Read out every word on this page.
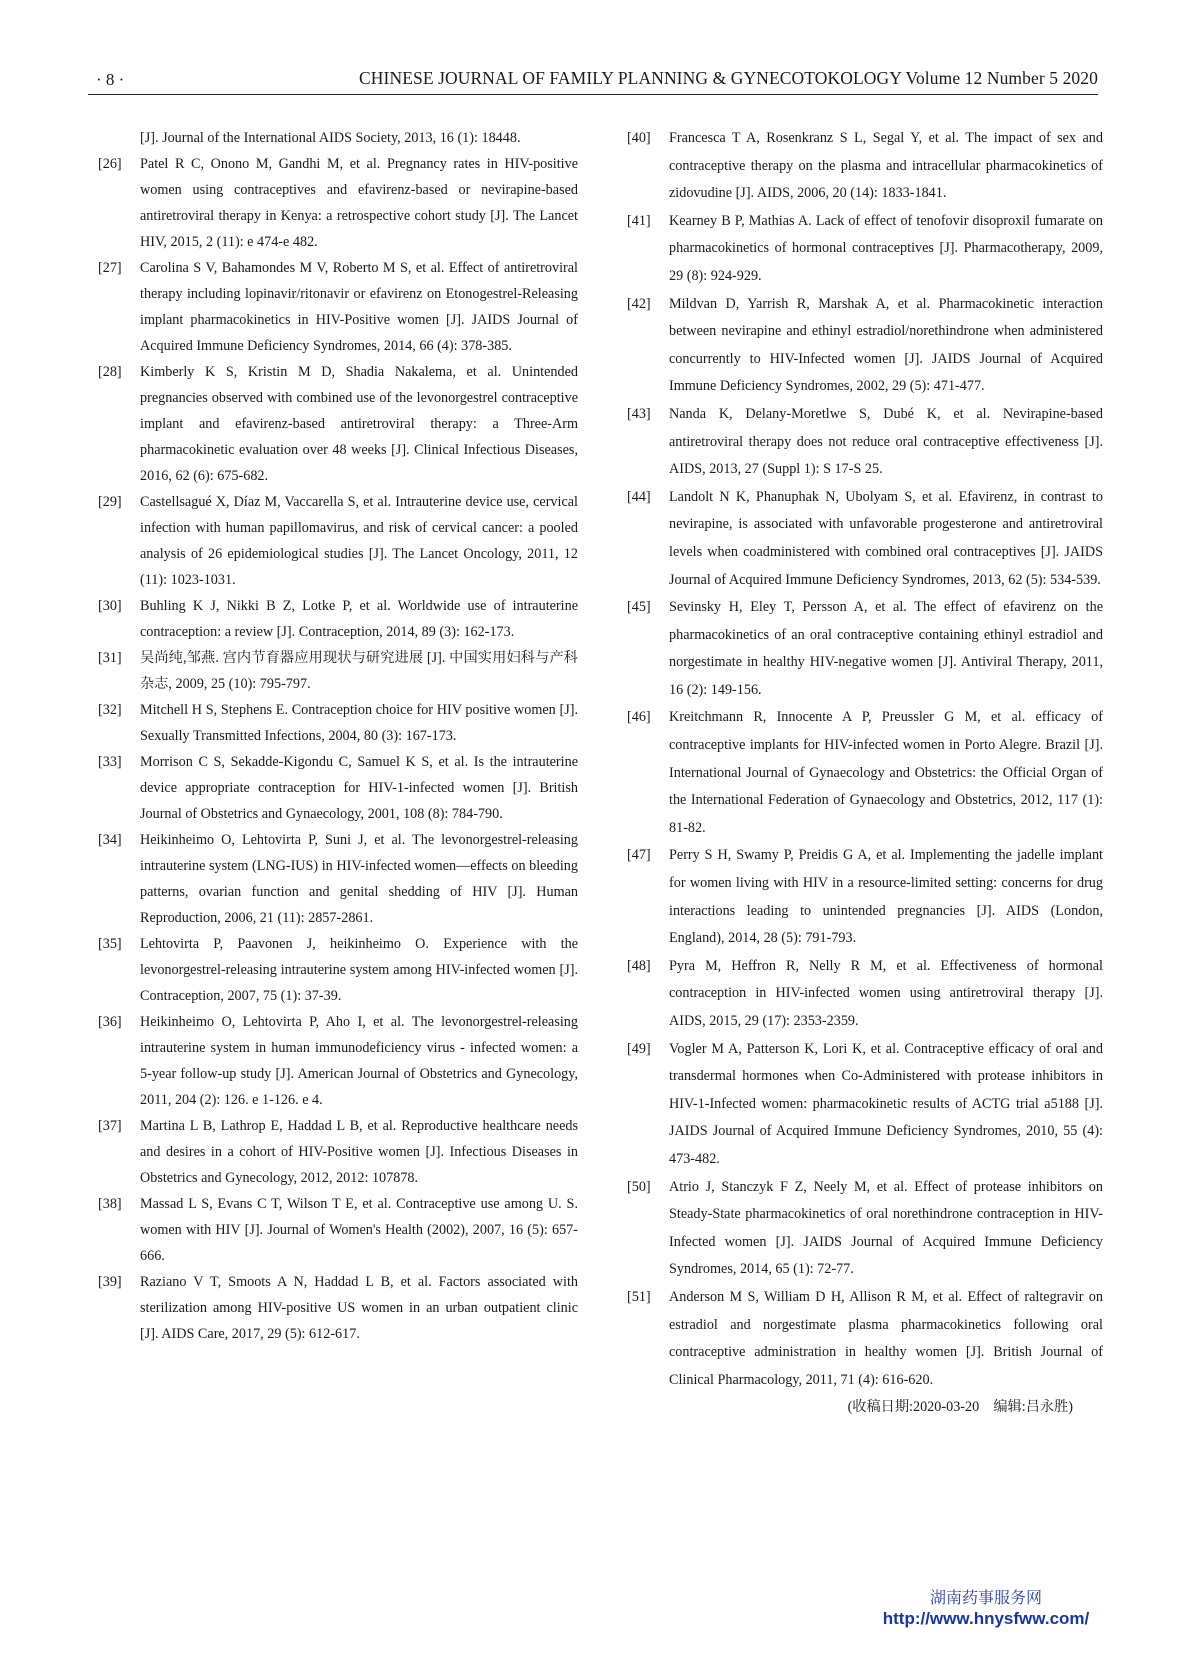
· 8 ·	CHINESE JOURNAL OF FAMILY PLANNING & GYNECOTOKOLOGY Volume 12 Number 5 2020
[J]. Journal of the International AIDS Society, 2013, 16 (1): 18448.
[26] Patel R C, Onono M, Gandhi M, et al. Pregnancy rates in HIV-positive women using contraceptives and efavirenz-based or nevirapine-based antiretroviral therapy in Kenya: a retrospective cohort study [J]. The Lancet HIV, 2015, 2 (11): e 474-e 482.
[27] Carolina S V, Bahamondes M V, Roberto M S, et al. Effect of antiretroviral therapy including lopinavir/ritonavir or efavirenz on Etonogestrel-Releasing implant pharmacokinetics in HIV-Positive women [J]. JAIDS Journal of Acquired Immune Deficiency Syndromes, 2014, 66 (4): 378-385.
[28] Kimberly K S, Kristin M D, Shadia Nakalema, et al. Unintended pregnancies observed with combined use of the levonorgestrel contraceptive implant and efavirenz-based antiretroviral therapy: a Three-Arm pharmacokinetic evaluation over 48 weeks [J]. Clinical Infectious Diseases, 2016, 62 (6): 675-682.
[29] Castellsagué X, Díaz M, Vaccarella S, et al. Intrauterine device use, cervical infection with human papillomavirus, and risk of cervical cancer: a pooled analysis of 26 epidemiological studies [J]. The Lancet Oncology, 2011, 12 (11): 1023-1031.
[30] Buhling K J, Nikki B Z, Lotke P, et al. Worldwide use of intrauterine contraception: a review [J]. Contraception, 2014, 89 (3): 162-173.
[31] 吴尚纯,邹燕. 宫内节育器应用现状与研究进展 [J]. 中国实用妇科与产科杂志, 2009, 25 (10): 795-797.
[32] Mitchell H S, Stephens E. Contraception choice for HIV positive women [J]. Sexually Transmitted Infections, 2004, 80 (3): 167-173.
[33] Morrison C S, Sekadde-Kigondu C, Samuel K S, et al. Is the intrauterine device appropriate contraception for HIV-1-infected women [J]. British Journal of Obstetrics and Gynaecology, 2001, 108 (8): 784-790.
[34] Heikinheimo O, Lehtovirta P, Suni J, et al. The levonorgestrel-releasing intrauterine system (LNG-IUS) in HIV-infected women—effects on bleeding patterns, ovarian function and genital shedding of HIV [J]. Human Reproduction, 2006, 21 (11): 2857-2861.
[35] Lehtovirta P, Paavonen J, heikinheimo O. Experience with the levonorgestrel-releasing intrauterine system among HIV-infected women [J]. Contraception, 2007, 75 (1): 37-39.
[36] Heikinheimo O, Lehtovirta P, Aho I, et al. The levonorgestrel-releasing intrauterine system in human immunodeficiency virus - infected women: a 5-year follow-up study [J]. American Journal of Obstetrics and Gynecology, 2011, 204 (2): 126. e 1-126. e 4.
[37] Martina L B, Lathrop E, Haddad L B, et al. Reproductive healthcare needs and desires in a cohort of HIV-Positive women [J]. Infectious Diseases in Obstetrics and Gynecology, 2012, 2012: 107878.
[38] Massad L S, Evans C T, Wilson T E, et al. Contraceptive use among U. S. women with HIV [J]. Journal of Women's Health (2002), 2007, 16 (5): 657-666.
[39] Raziano V T, Smoots A N, Haddad L B, et al. Factors associated with sterilization among HIV-positive US women in an urban outpatient clinic [J]. AIDS Care, 2017, 29 (5): 612-617.
[40] Francesca T A, Rosenkranz S L, Segal Y, et al. The impact of sex and contraceptive therapy on the plasma and intracellular pharmacokinetics of zidovudine [J]. AIDS, 2006, 20 (14): 1833-1841.
[41] Kearney B P, Mathias A. Lack of effect of tenofovir disoproxil fumarate on pharmacokinetics of hormonal contraceptives [J]. Pharmacotherapy, 2009, 29 (8): 924-929.
[42] Mildvan D, Yarrish R, Marshak A, et al. Pharmacokinetic interaction between nevirapine and ethinyl estradiol/norethindrone when administered concurrently to HIV-Infected women [J]. JAIDS Journal of Acquired Immune Deficiency Syndromes, 2002, 29 (5): 471-477.
[43] Nanda K, Delany-Moretlwe S, Dubé K, et al. Nevirapine-based antiretroviral therapy does not reduce oral contraceptive effectiveness [J]. AIDS, 2013, 27 (Suppl 1): S 17-S 25.
[44] Landolt N K, Phanuphak N, Ubolyam S, et al. Efavirenz, in contrast to nevirapine, is associated with unfavorable progesterone and antiretroviral levels when coadministered with combined oral contraceptives [J]. JAIDS Journal of Acquired Immune Deficiency Syndromes, 2013, 62 (5): 534-539.
[45] Sevinsky H, Eley T, Persson A, et al. The effect of efavirenz on the pharmacokinetics of an oral contraceptive containing ethinyl estradiol and norgestimate in healthy HIV-negative women [J]. Antiviral Therapy, 2011, 16 (2): 149-156.
[46] Kreitchmann R, Innocente A P, Preussler G M, et al. efficacy of contraceptive implants for HIV-infected women in Porto Alegre. Brazil [J]. International Journal of Gynaecology and Obstetrics: the Official Organ of the International Federation of Gynaecology and Obstetrics, 2012, 117 (1): 81-82.
[47] Perry S H, Swamy P, Preidis G A, et al. Implementing the jadelle implant for women living with HIV in a resource-limited setting: concerns for drug interactions leading to unintended pregnancies [J]. AIDS (London, England), 2014, 28 (5): 791-793.
[48] Pyra M, Heffron R, Nelly R M, et al. Effectiveness of hormonal contraception in HIV-infected women using antiretroviral therapy [J]. AIDS, 2015, 29 (17): 2353-2359.
[49] Vogler M A, Patterson K, Lori K, et al. Contraceptive efficacy of oral and transdermal hormones when Co-Administered with protease inhibitors in HIV-1-Infected women: pharmacokinetic results of ACTG trial a5188 [J]. JAIDS Journal of Acquired Immune Deficiency Syndromes, 2010, 55 (4): 473-482.
[50] Atrio J, Stanczyk F Z, Neely M, et al. Effect of protease inhibitors on Steady-State pharmacokinetics of oral norethindrone contraception in HIV-Infected women [J]. JAIDS Journal of Acquired Immune Deficiency Syndromes, 2014, 65 (1): 72-77.
[51] Anderson M S, William D H, Allison R M, et al. Effect of raltegravir on estradiol and norgestimate plasma pharmacokinetics following oral contraceptive administration in healthy women [J]. British Journal of Clinical Pharmacology, 2011, 71 (4): 616-620.
(收稿日期:2020-03-20　编辑:吕永胜)
湖南药事服务网
http://www.hnysfww.com/
